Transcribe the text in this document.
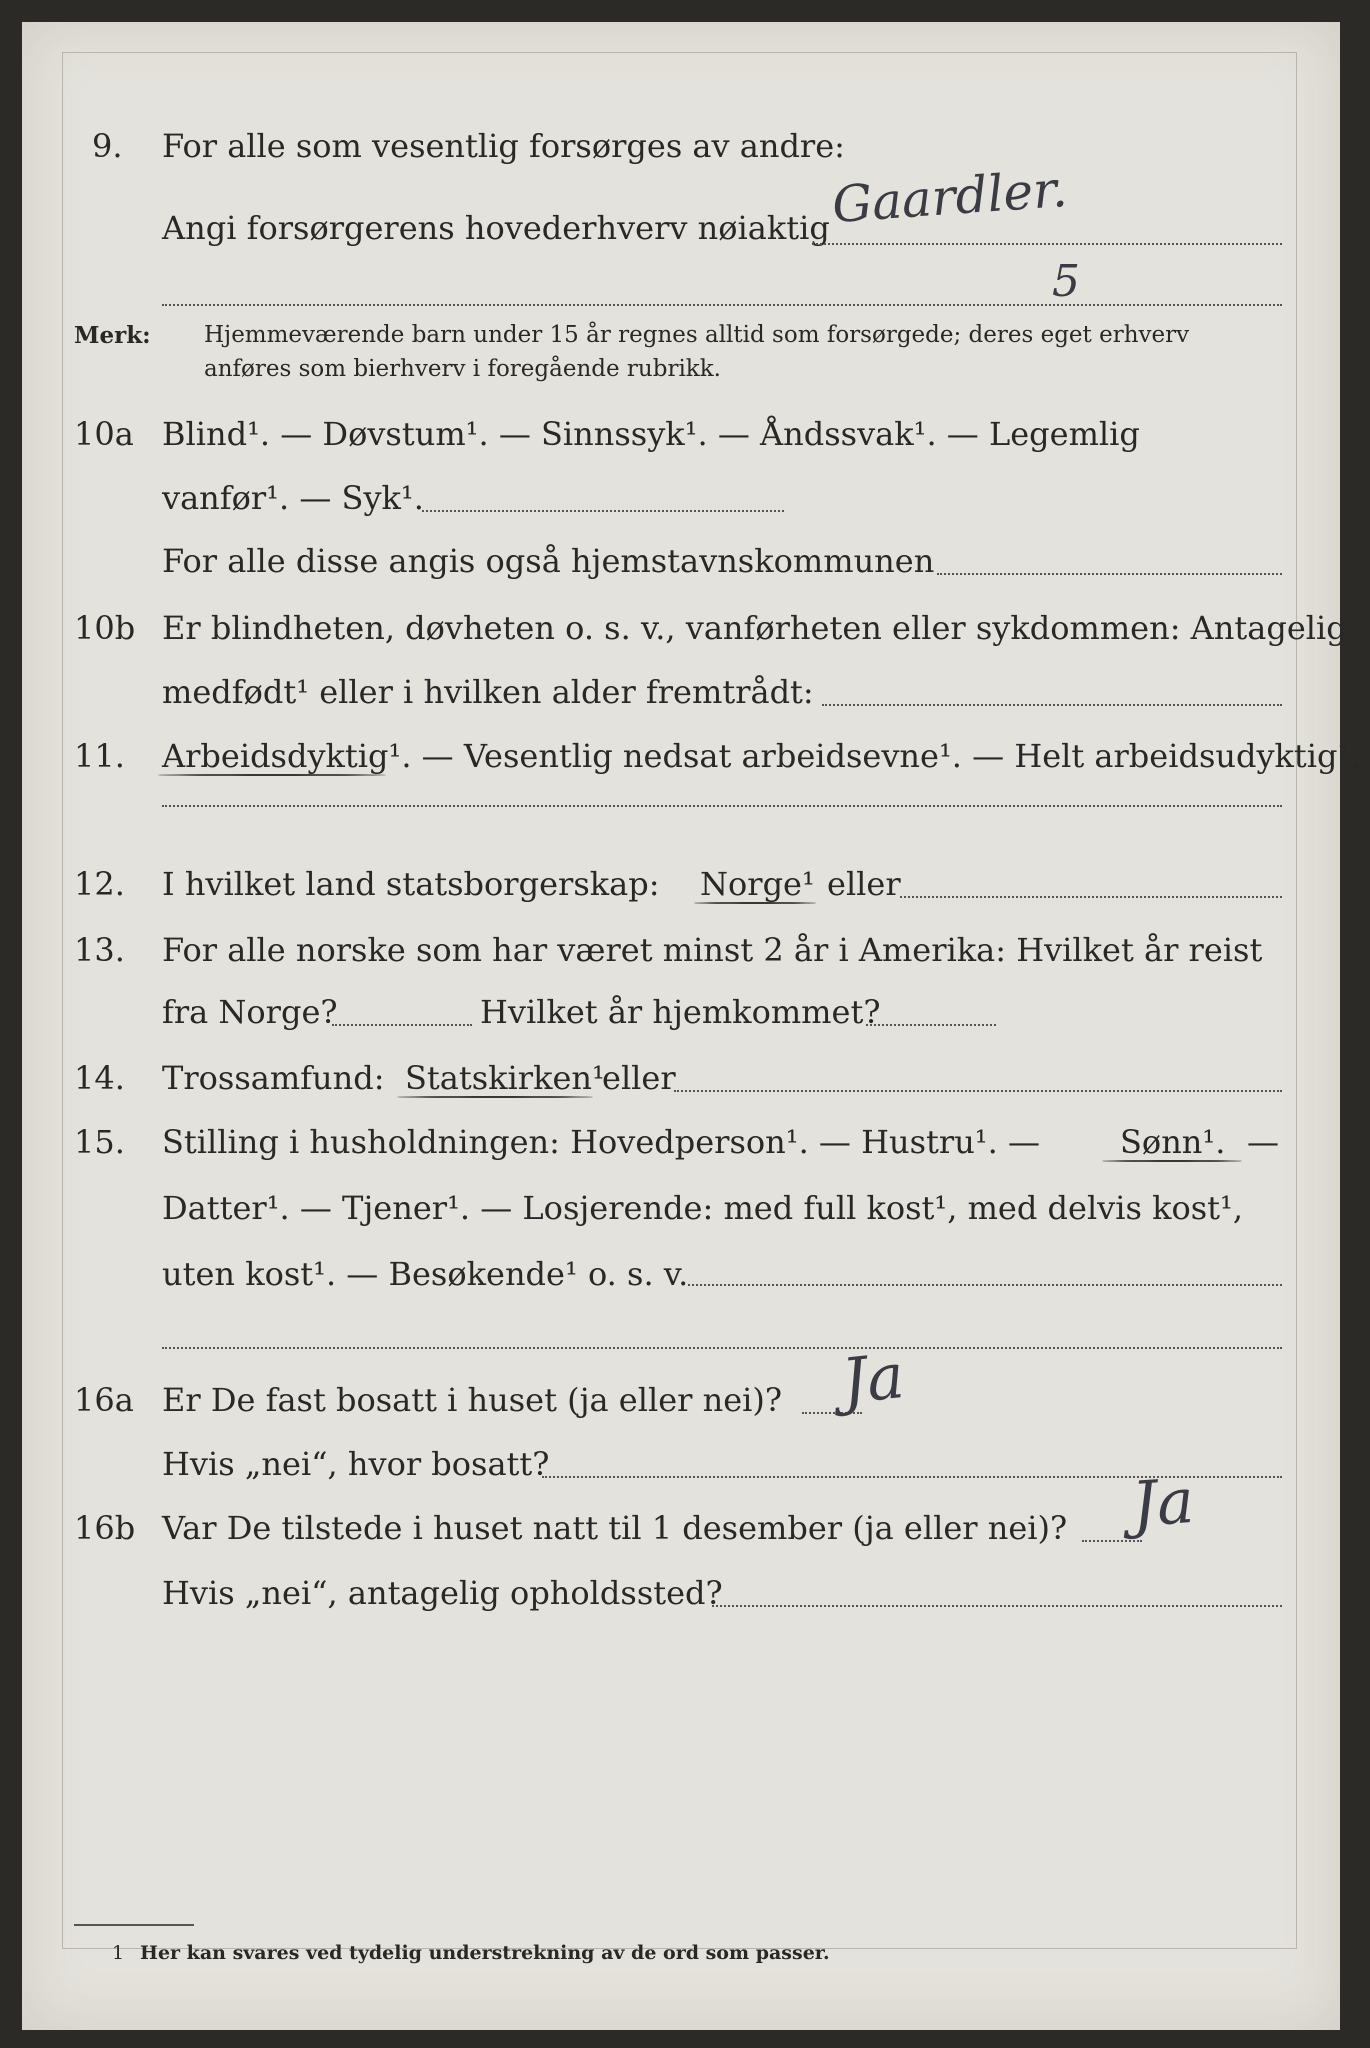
9. For alle som vesentlig forsørges av andre:
Gaardler.
Angi forsørgerens hovederhverv nøiaktig
5
Merk: Hjemmeværende barn under 15 år regnes alltid som forsørgede; deres eget erhverv
anføres som bierhverv i foregående rubrikk.
10a Blind¹. — Døvstum¹. — Sinnssyk¹. — Åndssvak¹. — Legemlig
vanfør¹. — Syk¹.
For alle disse angis også hjemstavnskommunen
10b Er blindheten, døvheten o. s. v., vanførheten eller sykdommen: Antagelig
medfødt¹ eller i hvilken alder fremtrådt:
11. Arbeidsdyktig¹. — Vesentlig nedsat arbeidsevne¹. — Helt arbeidsudyktig¹.
12. I hvilket land statsborgerskap: Norge¹ eller
13. For alle norske som har været minst 2 år i Amerika: Hvilket år reist
fra Norge?	Hvilket år hjemkommet?
14. Trossamfund: Statskirken¹
eller
15. Stilling i husholdningen: Hovedperson¹. — Hustru¹. —	Sønn¹. —
Datter¹. — Tjener¹. — Losjerende: med full kost¹, med delvis kost¹,
uten kost¹. — Besøkende¹ o. s. v.
16a Er De fast bosatt i huset (ja eller nei)? Ja
Hvis „nei“, hvor bosatt?
16b Var De tilstede i huset natt til 1 desember (ja eller nei)? Ja
Hvis „nei“, antagelig opholdssted?
1 Her kan svares ved tydelig understrekning av de ord som passer.
